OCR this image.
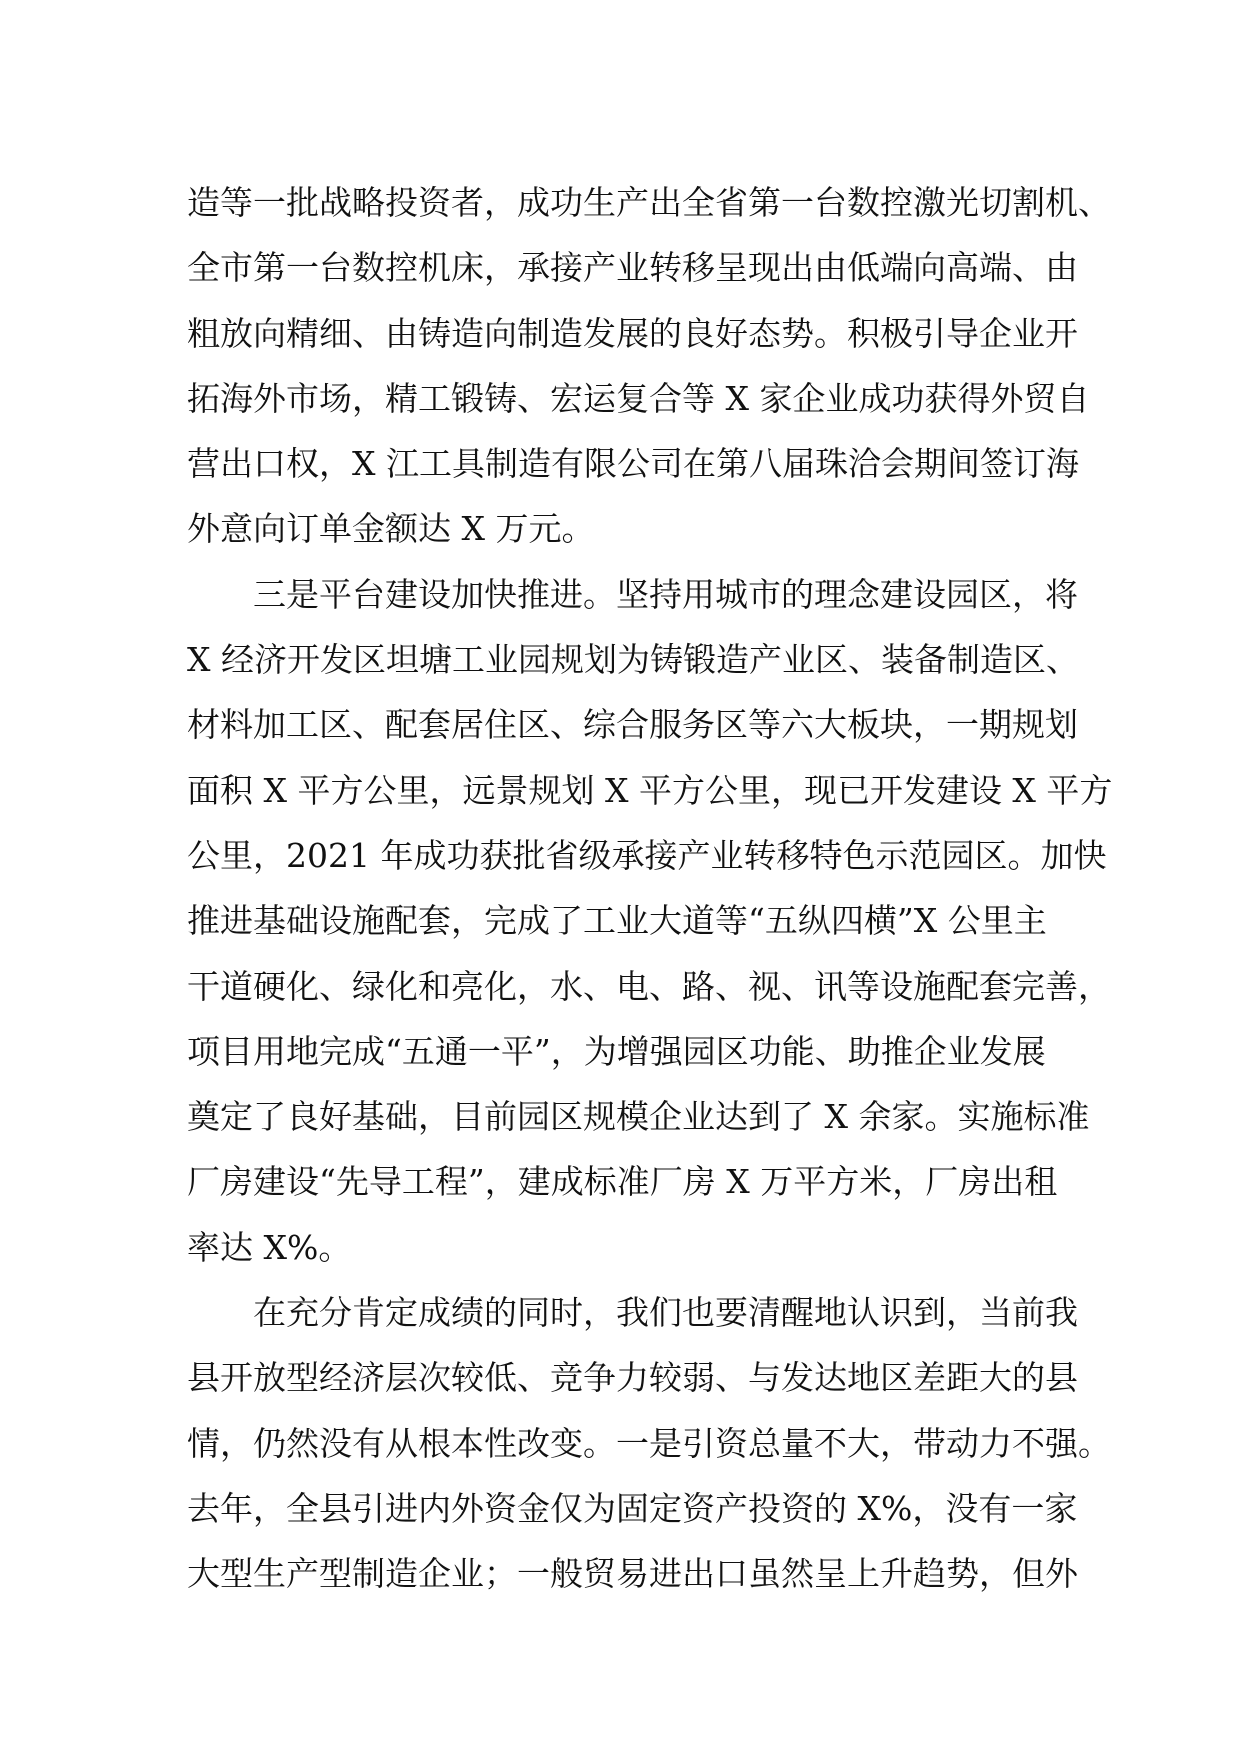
造等一批战略投资者，成功生产出全省第一台数控激光切割机、
全市第一台数控机床，承接产业转移呈现出由低端向高端、由
粗放向精细、由铸造向制造发展的良好态势。积极引导企业开
拓海外市场，精工锻铸、宏运复合等 X 家企业成功获得外贸自
营出口权，X 江工具制造有限公司在第八届珠洽会期间签订海
外意向订单金额达 X 万元。
三是平台建设加快推进。坚持用城市的理念建设园区，将
X 经济开发区坦塘工业园规划为铸锻造产业区、装备制造区、
材料加工区、配套居住区、综合服务区等六大板块，一期规划
面积 X 平方公里，远景规划 X 平方公里，现已开发建设 X 平方
公里，2021 年成功获批省级承接产业转移特色示范园区。加快
推进基础设施配套，完成了工业大道等“五纵四横”X 公里主
干道硬化、绿化和亮化，水、电、路、视、讯等设施配套完善，
项目用地完成“五通一平”，为增强园区功能、助推企业发展
奠定了良好基础，目前园区规模企业达到了 X 余家。实施标准
厂房建设“先导工程”，建成标准厂房 X 万平方米，厂房出租
率达 X%。
在充分肯定成绩的同时，我们也要清醒地认识到，当前我
县开放型经济层次较低、竞争力较弱、与发达地区差距大的县
情，仍然没有从根本性改变。一是引资总量不大，带动力不强。
去年，全县引进内外资金仅为固定资产投资的 X%，没有一家
大型生产型制造企业；一般贸易进出口虽然呈上升趋势，但外
